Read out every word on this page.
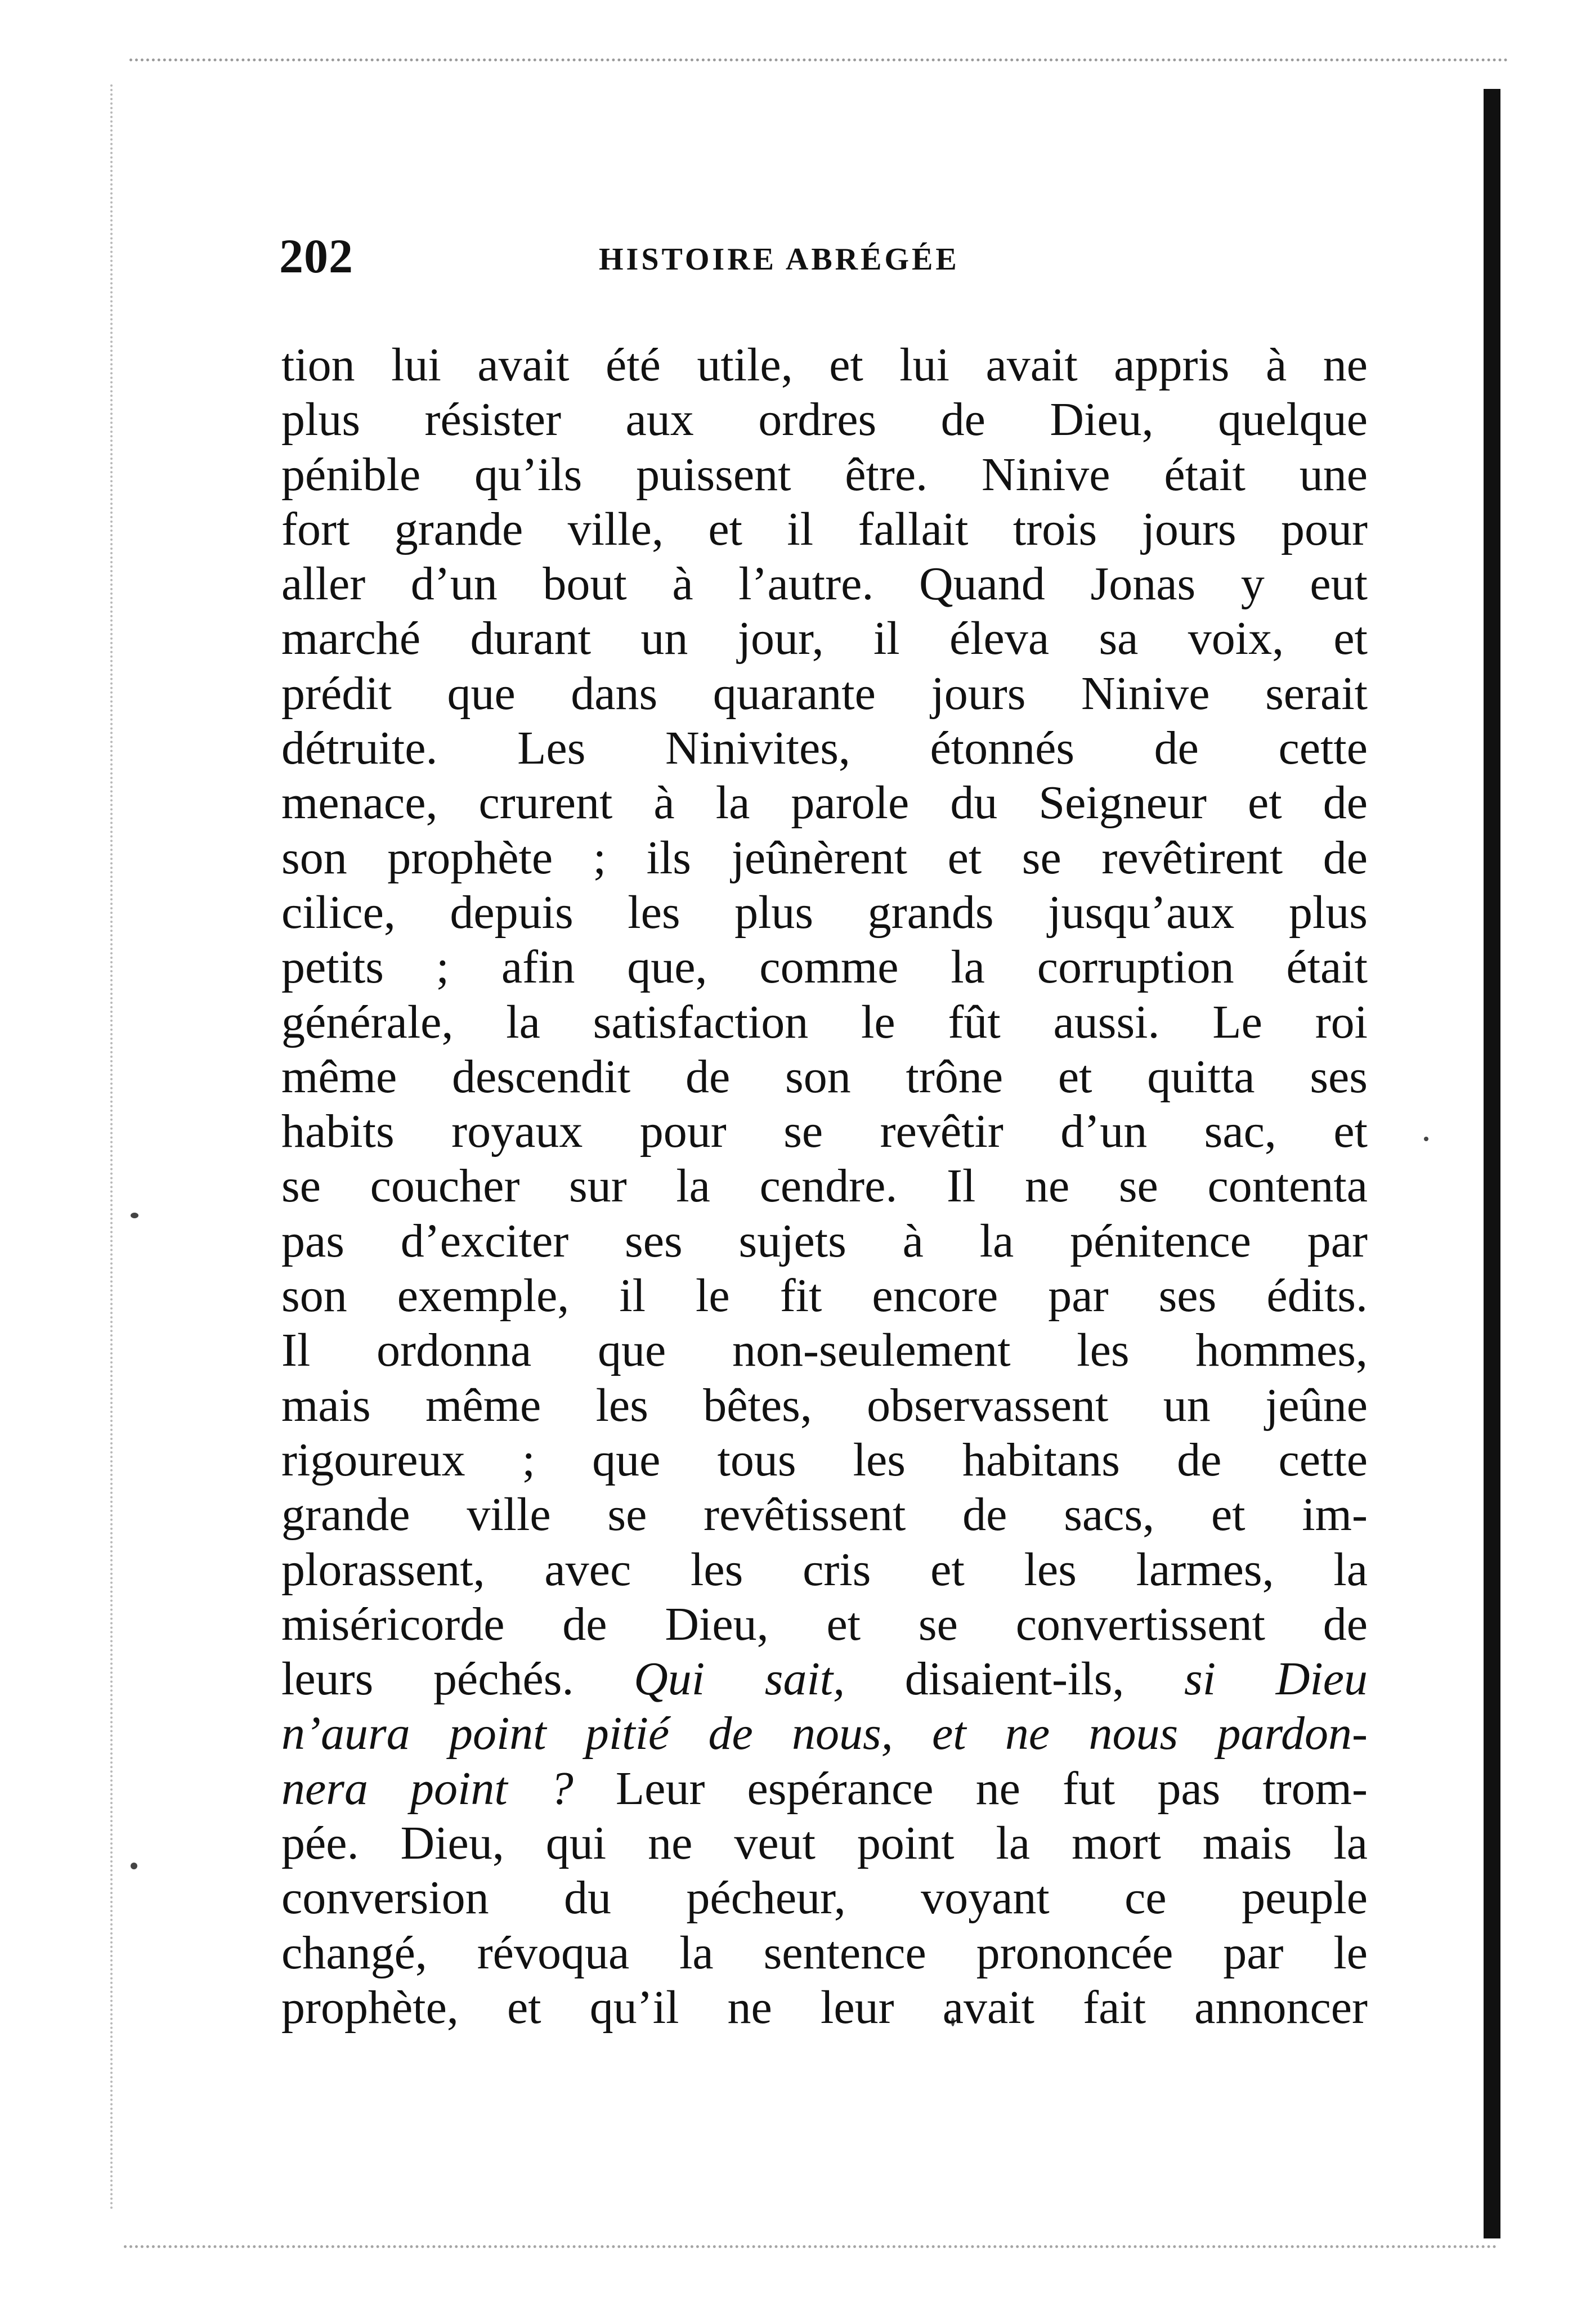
202	HISTOIRE ABRÉGÉE
tion lui avait été utile, et lui avait appris à ne
plus résister aux ordres de Dieu, quelque
pénible qu’ils puissent être. Ninive était une
fort grande ville, et il fallait trois jours pour
aller d’un bout à l’autre. Quand Jonas y eut
marché durant un jour, il éleva sa voix, et
prédit que dans quarante jours Ninive serait
détruite. Les Ninivites, étonnés de cette
menace, crurent à la parole du Seigneur et de
son prophète ; ils jeûnèrent et se revêtirent de
cilice, depuis les plus grands jusqu’aux plus
petits ; afin que, comme la corruption était
générale, la satisfaction le fût aussi. Le roi
même descendit de son trône et quitta ses
habits royaux pour se revêtir d’un sac, et
se coucher sur la cendre. Il ne se contenta
pas d’exciter ses sujets à la pénitence par
son exemple, il le fit encore par ses édits.
Il ordonna que non-seulement les hommes,
mais même les bêtes, observassent un jeûne
rigoureux ; que tous les habitans de cette
grande ville se revêtissent de sacs, et im-
plorassent, avec les cris et les larmes, la
miséricorde de Dieu, et se convertissent de
leurs péchés. Qui sait, disaient-ils, si Dieu
n’aura point pitié de nous, et ne nous pardon-
nera point ? Leur espérance ne fut pas trom-
pée. Dieu, qui ne veut point la mort mais la
conversion du pécheur, voyant ce peuple
changé, révoqua la sentence prononcée par le
prophète, et qu’il ne leur avait fait annoncer
